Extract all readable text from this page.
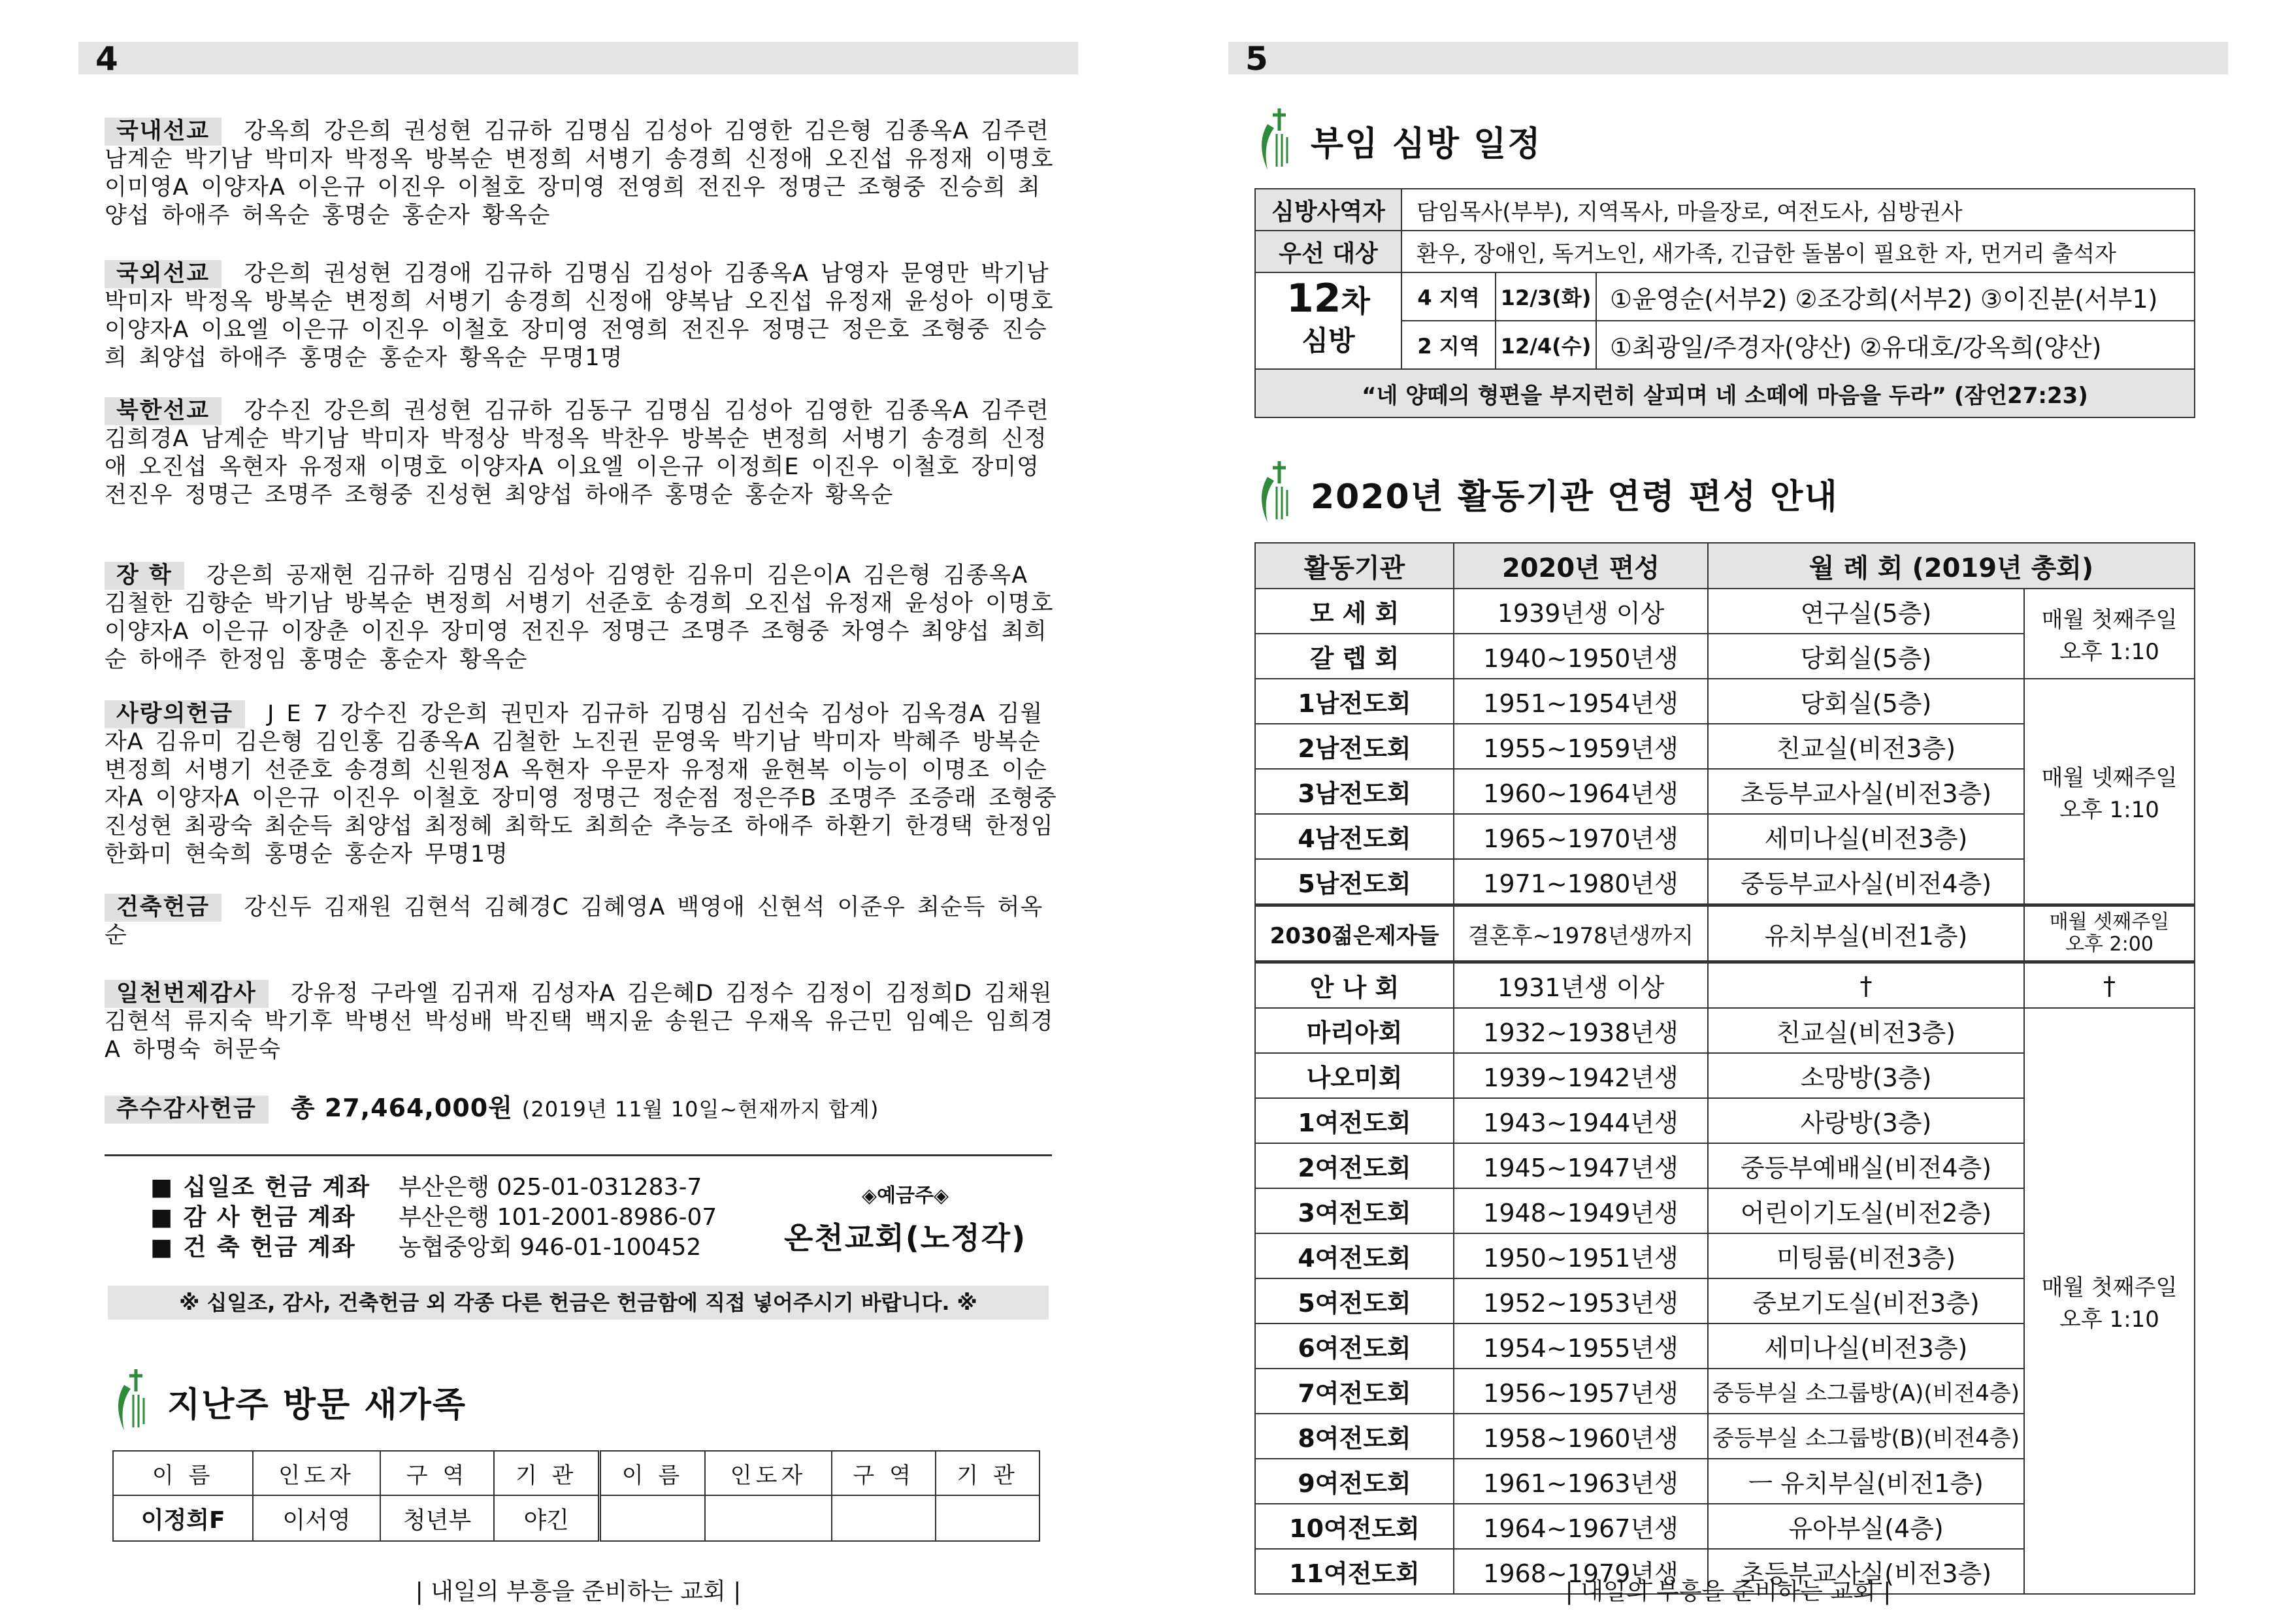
4
국내선교 강옥희 강은희 권성현 김규하 김명심 김성아 김영한 김은형 김종옥A 김주련 남계순 박기남 박미자 박정옥 방복순 변정희 서병기 송경희 신정애 오진섭 유정재 이명호 이미영A 이양자A 이은규 이진우 이철호 장미영 전영희 전진우 정명근 조형중 진승희 최양섭 하애주 허옥순 홍명순 홍순자 황옥순
국외선교 강은희 권성현 김경애 김규하 김명심 김성아 김종옥A 남영자 문영만 박기남 박미자 박정옥 방복순 변정희 서병기 송경희 신정애 양복남 오진섭 유정재 윤성아 이명호 이양자A 이요엘 이은규 이진우 이철호 장미영 전영희 전진우 정명근 정은호 조형중 진승희 최양섭 하애주 홍명순 홍순자 황옥순 무명1명
북한선교 강수진 강은희 권성현 김규하 김동구 김명심 김성아 김영한 김종옥A 김주련 김희경A 남계순 박기남 박미자 박정상 박정옥 박찬우 방복순 변정희 서병기 송경희 신정애 오진섭 옥현자 유정재 이명호 이양자A 이요엘 이은규 이정희E 이진우 이철호 장미영 전진우 정명근 조명주 조형중 진성현 최양섭 하애주 홍명순 홍순자 황옥순
장 학 강은희 공재현 김규하 김명심 김성아 김영한 김유미 김은이A 김은형 김종옥A 김철한 김향순 박기남 방복순 변정희 서병기 선준호 송경희 오진섭 유정재 윤성아 이명호 이양자A 이은규 이장춘 이진우 장미영 전진우 정명근 조명주 조형중 차영수 최양섭 최희순 하애주 한정임 홍명순 홍순자 황옥순
사랑의헌금 J E 7 강수진 강은희 권민자 김규하 김명심 김선숙 김성아 김옥경A 김월자A 김유미 김은형 김인홍 김종옥A 김철한 노진권 문영욱 박기남 박미자 박혜주 방복순 변정희 서병기 선준호 송경희 신원정A 옥현자 우문자 유정재 윤현복 이능이 이명조 이순자A 이양자A 이은규 이진우 이철호 장미영 정명근 정순점 정은주B 조명주 조증래 조형중 진성현 최광숙 최순득 최양섭 최정혜 최학도 최희순 추능조 하애주 하환기 한경택 한정임 한화미 현숙희 홍명순 홍순자 무명1명
건축헌금 강신두 김재원 김현석 김혜경C 김혜영A 백영애 신현석 이준우 최순득 허옥순
일천번제감사 강유정 구라엘 김귀재 김성자A 김은혜D 김정수 김정이 김정희D 김채원 김현석 류지숙 박기후 박병선 박성배 박진택 백지윤 송원근 우재옥 유근민 임예은 임희경A 하명숙 허문숙
추수감사헌금 총 27,464,000원 (2019년 11월 10일~현재까지 합계)
■ 십일조 헌금 계좌	부산은행 025-01-031283-7
■ 감 사 헌금 계좌	부산은행 101-2001-8986-07
■ 건 축 헌금 계좌	농협중앙회 946-01-100452
◈예금주◈
온천교회(노정각)
※ 십일조, 감사, 건축헌금 외 각종 다른 헌금은 헌금함에 직접 넣어주시기 바랍니다. ※
지난주 방문 새가족
이 름	인도자	구 역	기 관	이 름	인도자	구 역	기 관
이정희F	이서영	청년부	야긴				
| 내일의 부흥을 준비하는 교회 |
5
부임 심방 일정
심방사역자	담임목사(부부), 지역목사, 마을장로, 여전도사, 심방권사		
우선 대상	환우, 장애인, 독거노인, 새가족, 긴급한 돌봄이 필요한 자, 먼거리 출석자		
12차
심방	4 지역	12/3(화)	①윤영순(서부2) ②조강희(서부2) ③이진분(서부1)
	2 지역	12/4(수)	①최광일/주경자(양산) ②유대호/강옥희(양산)
“네 양떼의 형편을 부지런히 살피며 네 소떼에 마음을 두라” (잠언27:23)			
2020년 활동기관 연령 편성 안내
활동기관	2020년 편성	월 례 회 (2019년 총회)	
모 세 회	1939년생 이상	연구실(5층)	매월 첫째주일
오후 1:10
갈 렙 회	1940~1950년생	당회실(5층)	
1남전도회	1951~1954년생	당회실(5층)	매월 넷째주일
오후 1:10
2남전도회	1955~1959년생	친교실(비전3층)	
3남전도회	1960~1964년생	초등부교사실(비전3층)	
4남전도회	1965~1970년생	세미나실(비전3층)	
5남전도회	1971~1980년생	중등부교사실(비전4층)	
2030젊은제자들	결혼후~1978년생까지	유치부실(비전1층)	매월 셋째주일
오후 2:00
안 나 회	1931년생 이상	†	†
마리아회	1932~1938년생	친교실(비전3층)	매월 첫째주일
오후 1:10
나오미회	1939~1942년생	소망방(3층)	
1여전도회	1943~1944년생	사랑방(3층)	
2여전도회	1945~1947년생	중등부예배실(비전4층)	
3여전도회	1948~1949년생	어린이기도실(비전2층)	
4여전도회	1950~1951년생	미팅룸(비전3층)	
5여전도회	1952~1953년생	중보기도실(비전3층)	
6여전도회	1954~1955년생	세미나실(비전3층)	
7여전도회	1956~1957년생	중등부실 소그룹방(A)(비전4층)	
8여전도회	1958~1960년생	중등부실 소그룹방(B)(비전4층)	
9여전도회	1961~1963년생	ㅡ 유치부실(비전1층)	
10여전도회	1964~1967년생	유아부실(4층)	
11여전도회	1968~1979년생	초등부교사실(비전3층)	
| 내일의 부흥을 준비하는 교회 |
